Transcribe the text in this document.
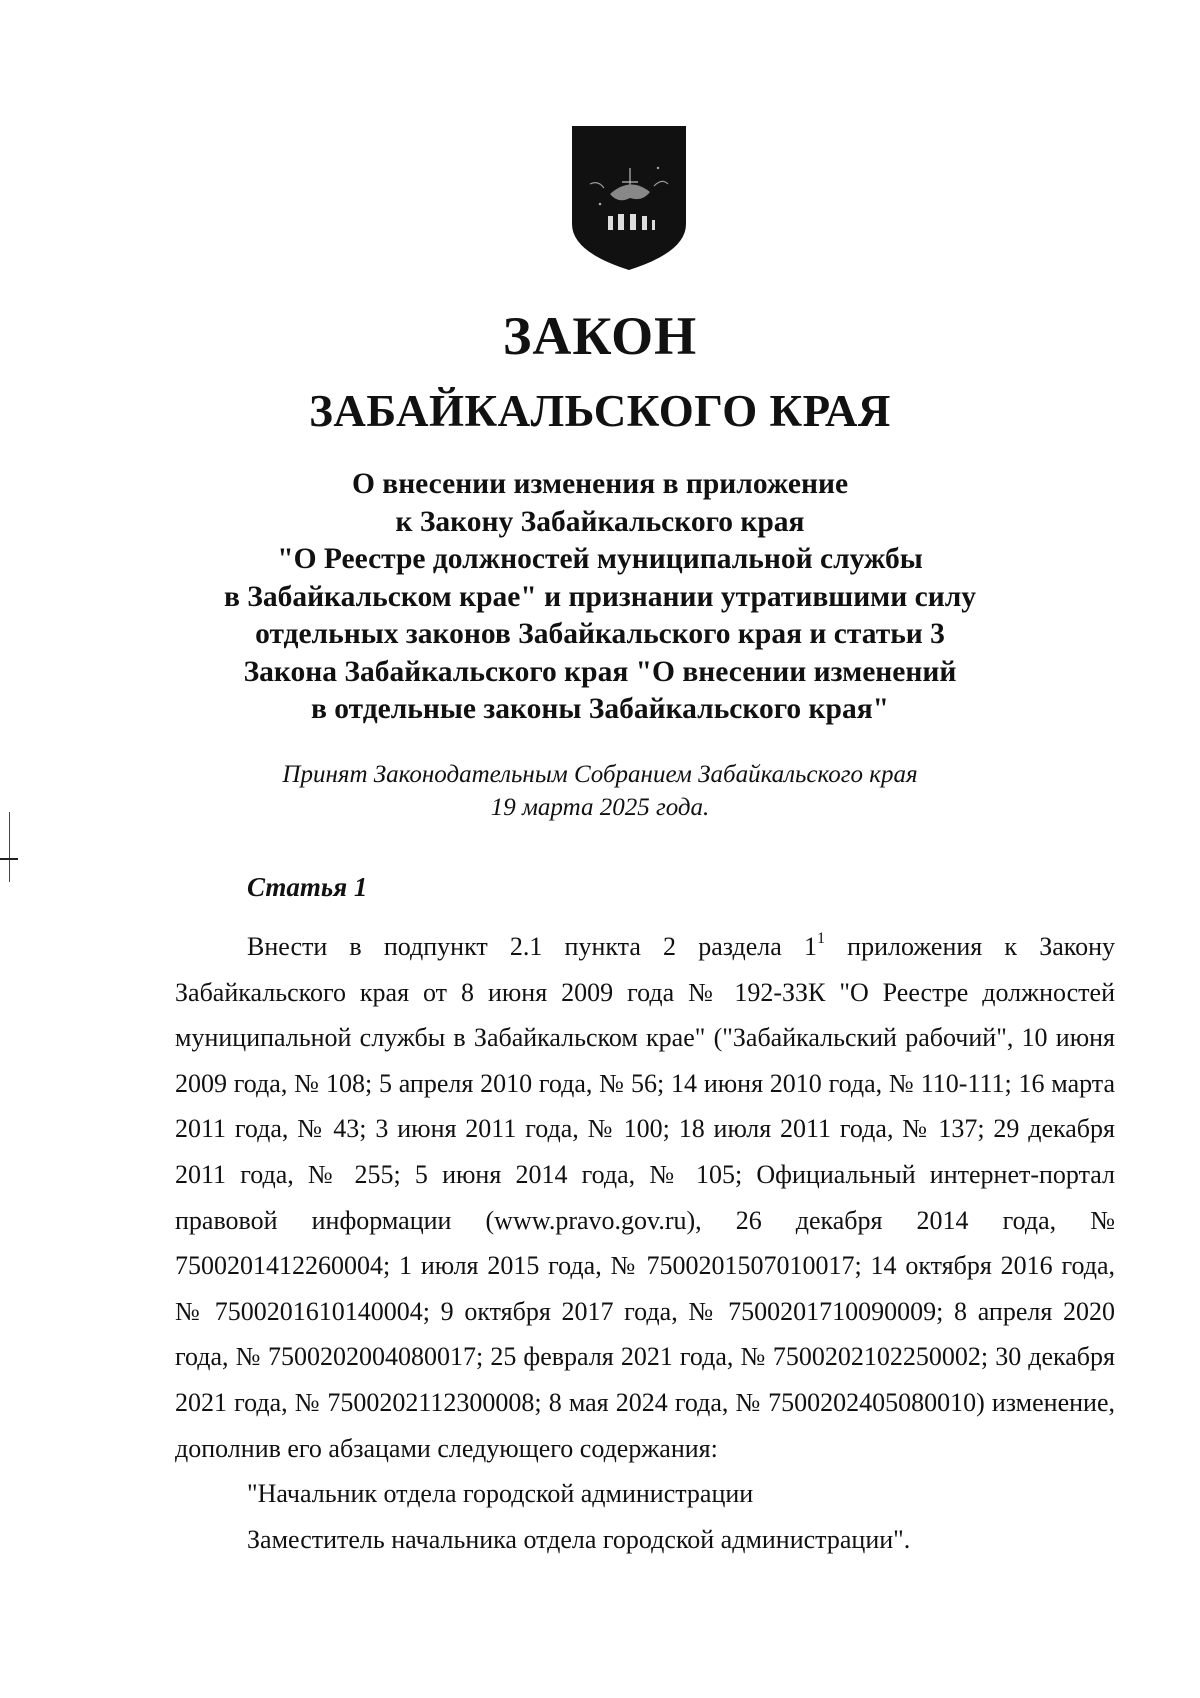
ЗАКОН
ЗАБАЙКАЛЬСКОГО КРАЯ
О внесении изменения в приложение
к Закону Забайкальского края
"О Реестре должностей муниципальной службы
в Забайкальском крае" и признании утратившими силу
отдельных законов Забайкальского края и статьи 3
Закона Забайкальского края "О внесении изменений
в отдельные законы Забайкальского края"
Принят Законодательным Собранием Забайкальского края
19 марта 2025 года.
Статья 1

Внести в подпункт 2.1 пункта 2 раздела $1^1$ приложения к Закону Забайкальского края от 8 июня 2009 года № 192-ЗЗК "О Реестре должностей муниципальной службы в Забайкальском крае" ("Забайкальский рабочий", 10 июня 2009 года, № 108; 5 апреля 2010 года, № 56; 14 июня 2010 года, № 110-111; 16 марта 2011 года, № 43; 3 июня 2011 года, № 100; 18 июля 2011 года, № 137; 29 декабря 2011 года, № 255; 5 июня 2014 года, № 105; Официальный интернет-портал правовой информации (www.pravo.gov.ru), 26 декабря 2014 года, № 7500201412260004; 1 июля 2015 года, № 7500201507010017; 14 октября 2016 года, № 7500201610140004; 9 октября 2017 года, № 7500201710090009; 8 апреля 2020 года, № 7500202004080017; 25 февраля 2021 года, № 7500202102250002; 30 декабря 2021 года, № 7500202112300008; 8 мая 2024 года, № 7500202405080010) изменение, дополнив его абзацами следующего содержания:

"Начальник отдела городской администрации

Заместитель начальника отдела городской администрации".
